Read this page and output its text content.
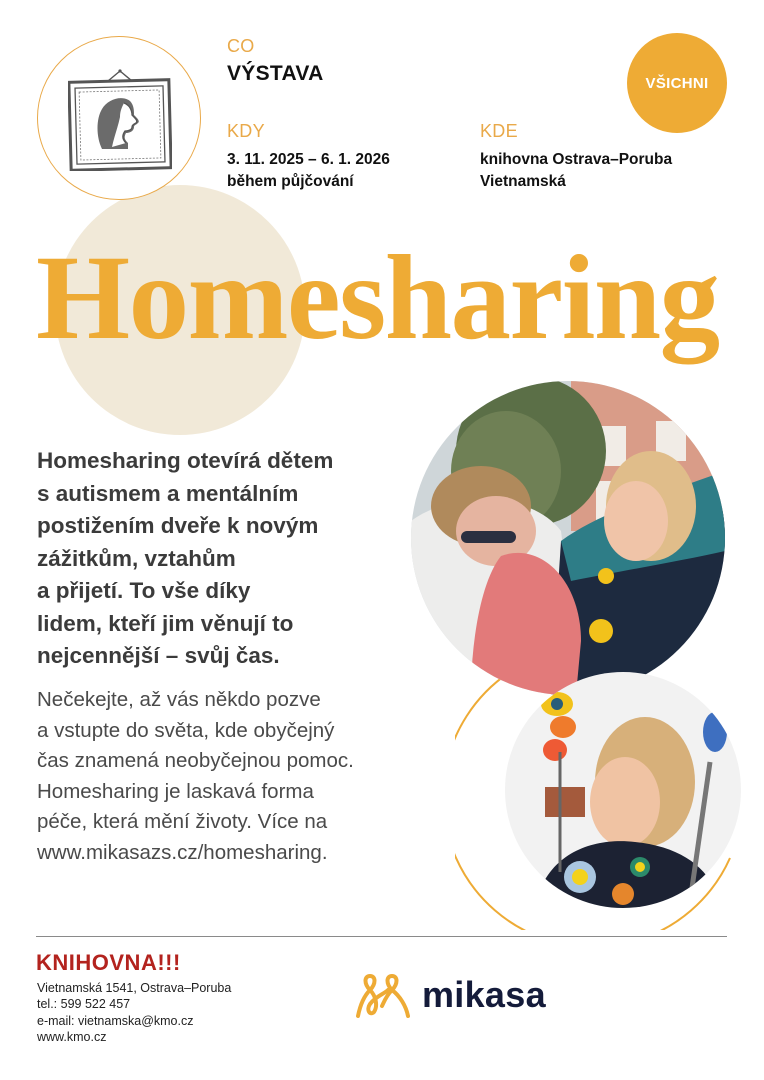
CO
VÝSTAVA
KDY
3. 11. 2025 – 6. 1. 2026
během půjčování
KDE
knihovna Ostrava–Poruba
Vietnamská
VŠICHNI
Homesharing
Homesharing otevírá dětem
s autismem a mentálním
postižením dveře k novým
zážitkům, vztahům
a přijetí. To vše díky
lidem, kteří jim věnují to
nejcennější – svůj čas.
Nečekejte, až vás někdo pozve
a vstupte do světa, kde obyčejný
čas znamená neobyčejnou pomoc.
Homesharing je laskavá forma
péče, která mění životy. Více na
www.mikasazs.cz/homesharing.
KNIHOVNA!!!
Vietnamská 1541, Ostrava–Poruba
tel.: 599 522 457
e-mail: vietnamska@kmo.cz
www.kmo.cz
mikasa
